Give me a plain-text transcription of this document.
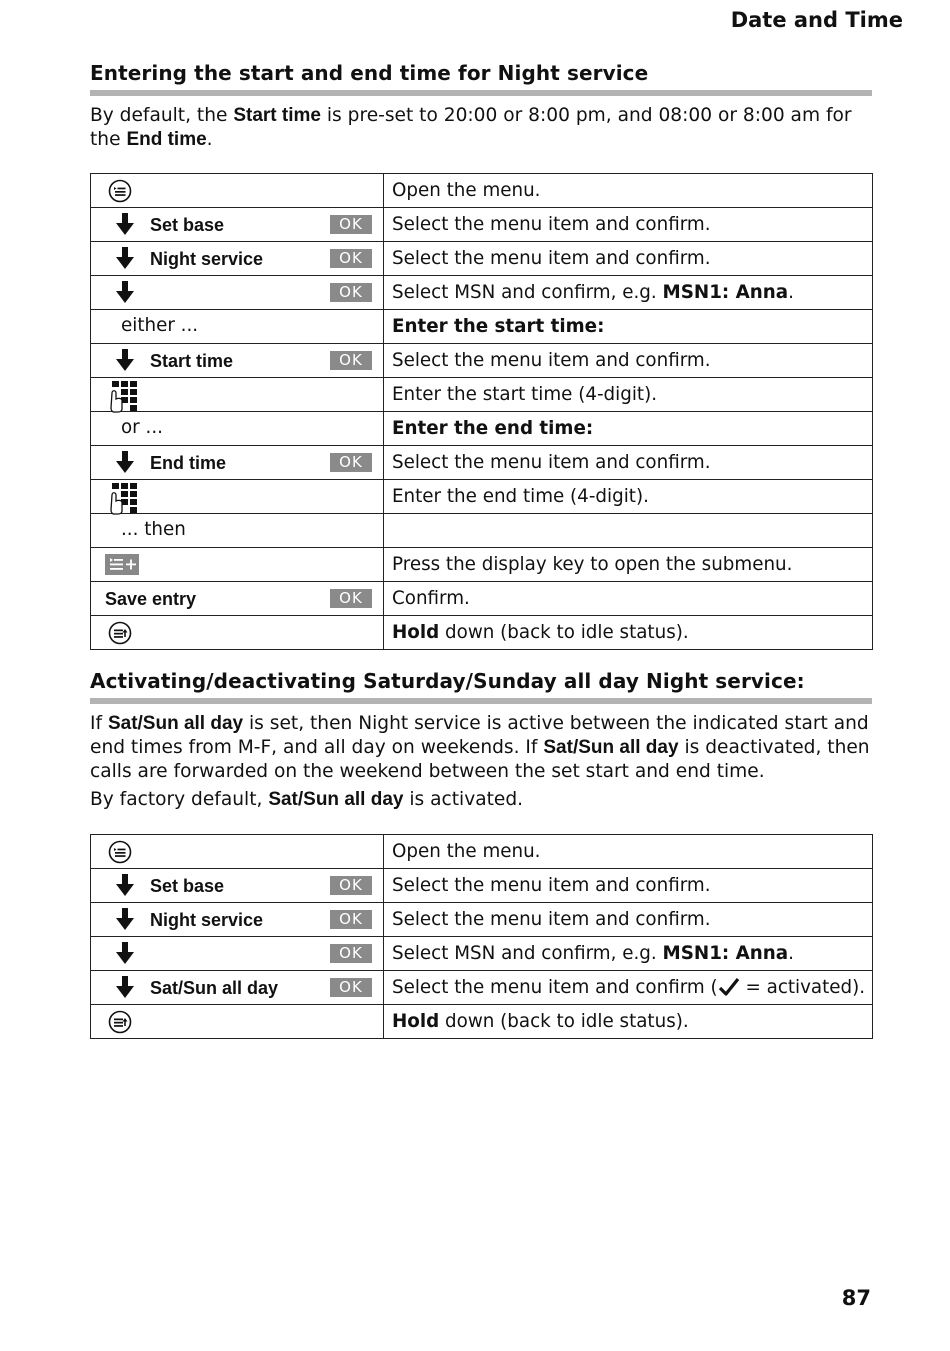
Date and Time
Entering the start and end time for Night service
By default, the Start time is pre-set to 20:00 or 8:00 pm, and 08:00 or 8:00 am for the End time.
	Open the menu.

Set base OK	Select the menu item and confirm.

Night service OK	Select the menu item and confirm.

OK	Select MSN and confirm, e.g. MSN1: Anna.

either ...	Enter the start time:

Start time OK	Select the menu item and confirm.

	Enter the start time (4-digit).

or ...	Enter the end time:

End time OK	Select the menu item and confirm.

	Enter the end time (4-digit).

... then	

	Press the display key to open the submenu.

Save entry OK	Confirm.

	Hold down (back to idle status).
Activating/deactivating Saturday/Sunday all day Night service:
If Sat/Sun all day is set, then Night service is active between the indicated start and end times from M-F, and all day on weekends. If Sat/Sun all day is deactivated, then calls are forwarded on the weekend between the set start and end time.
By factory default, Sat/Sun all day is activated.
	Open the menu.

Set base OK	Select the menu item and confirm.

Night service OK	Select the menu item and confirm.

OK	Select MSN and confirm, e.g. MSN1: Anna.

Sat/Sun all day OK	Select the menu item and confirm ( = activated).

	Hold down (back to idle status).
87
